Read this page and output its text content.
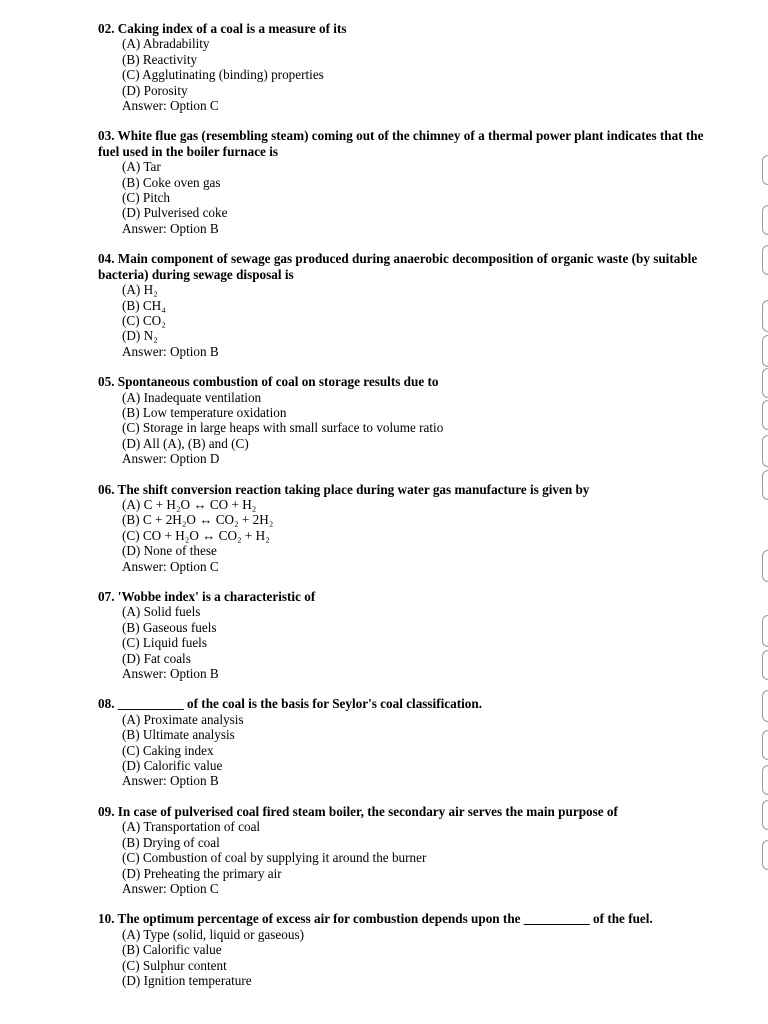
02. Caking index of a coal is a measure of its
(A) Abradability
(B) Reactivity
(C) Agglutinating (binding) properties
(D) Porosity
Answer: Option C
03. White flue gas (resembling steam) coming out of the chimney of a thermal power plant indicates that the fuel used in the boiler furnace is
(A) Tar
(B) Coke oven gas
(C) Pitch
(D) Pulverised coke
Answer: Option B
04. Main component of sewage gas produced during anaerobic decomposition of organic waste (by suitable bacteria) during sewage disposal is
(A) H₂
(B) CH₄
(C) CO₂
(D) N₂
Answer: Option B
05. Spontaneous combustion of coal on storage results due to
(A) Inadequate ventilation
(B) Low temperature oxidation
(C) Storage in large heaps with small surface to volume ratio
(D) All (A), (B) and (C)
Answer: Option D
06. The shift conversion reaction taking place during water gas manufacture is given by
(A) C + H₂O ↔ CO + H₂
(B) C + 2H₂O ↔ CO₂ + 2H₂
(C) CO + H₂O ↔ CO₂ + H₂
(D) None of these
Answer: Option C
07. 'Wobbe index' is a characteristic of
(A) Solid fuels
(B) Gaseous fuels
(C) Liquid fuels
(D) Fat coals
Answer: Option B
08. __________ of the coal is the basis for Seylor's coal classification.
(A) Proximate analysis
(B) Ultimate analysis
(C) Caking index
(D) Calorific value
Answer: Option B
09. In case of pulverised coal fired steam boiler, the secondary air serves the main purpose of
(A) Transportation of coal
(B) Drying of coal
(C) Combustion of coal by supplying it around the burner
(D) Preheating the primary air
Answer: Option C
10. The optimum percentage of excess air for combustion depends upon the __________ of the fuel.
(A) Type (solid, liquid or gaseous)
(B) Calorific value
(C) Sulphur content
(D) Ignition temperature
